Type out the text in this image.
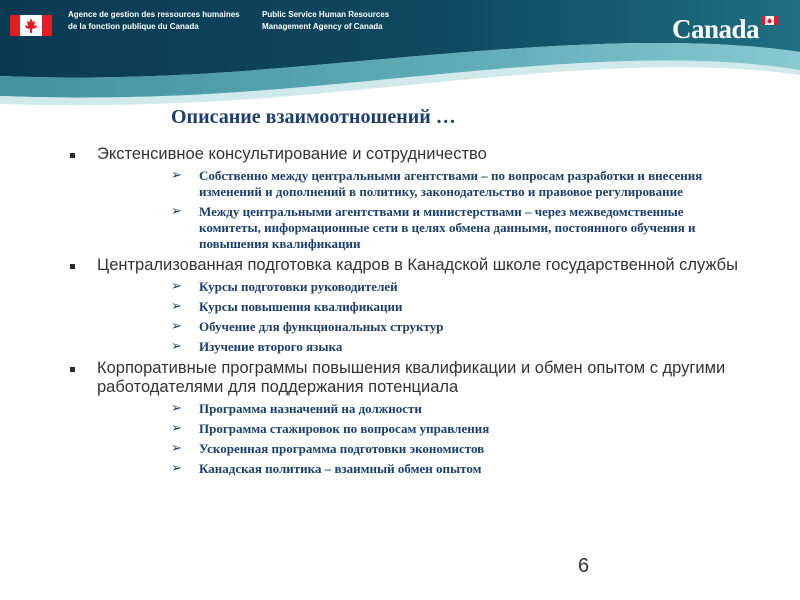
Agence de gestion des ressources humaines
de la fonction publique du Canada
Public Service Human Resources
Management Agency of Canada	Canada
Описание взаимоотношений …
Экстенсивное консультирование и сотрудничество
➢ Собственно между центральными агентствами – по вопросам разработки и внесения изменений и дополнений в политику, законодательство и правовое регулирование
➢ Между центральными агентствами и министерствами – через межведомственные комитеты, информационные сети в целях обмена данными, постоянного обучения и повышения квалификации
Централизованная подготовка кадров в Канадской школе государственной службы
➢ Курсы подготовки руководителей
➢ Курсы повышения квалификации
➢ Обучение для функциональных структур
➢ Изучение второго языка
Корпоративные программы повышения квалификации и обмен опытом с другими работодателями для поддержания потенциала
➢ Программа назначений на должности
➢ Программа стажировок по вопросам управления
➢ Ускоренная программа подготовки экономистов
➢ Канадская политика – взаимный обмен опытом
6
